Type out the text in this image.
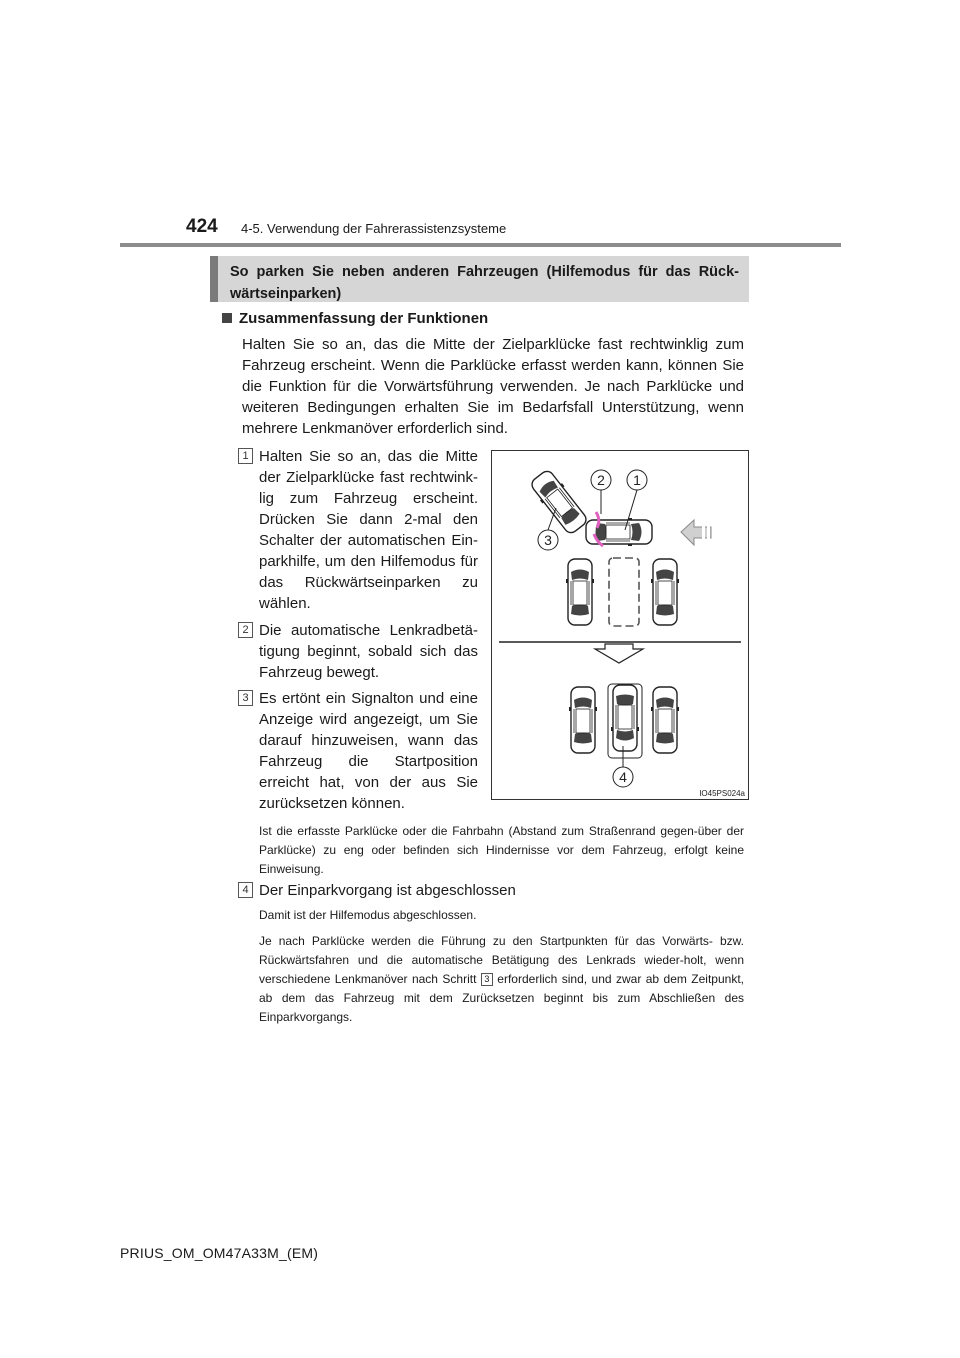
424 4-5. Verwendung der Fahrerassistenzsysteme
So parken Sie neben anderen Fahrzeugen (Hilfemodus für das Rück-wärtseinparken)
Zusammenfassung der Funktionen
Halten Sie so an, das die Mitte der Zielparklücke fast rechtwinklig zum Fahrzeug erscheint. Wenn die Parklücke erfasst werden kann, können Sie die Funktion für die Vorwärtsführung verwenden. Je nach Parklücke und weiteren Bedingungen erhalten Sie im Bedarfsfall Unterstützung, wenn mehrere Lenkmanöver erforderlich sind.
1 Halten Sie so an, das die Mitte der Zielparklücke fast rechtwink-lig zum Fahrzeug erscheint. Drücken Sie dann 2-mal den Schalter der automatischen Ein-parkhilfe, um den Hilfemodus für das Rückwärtseinparken zu wählen.
2 Die automatische Lenkradbetä-tigung beginnt, sobald sich das Fahrzeug bewegt.
3 Es ertönt ein Signalton und eine Anzeige wird angezeigt, um Sie darauf hinzuweisen, wann das Fahrzeug die Startposition erreicht hat, von der aus Sie zurücksetzen können.
Ist die erfasste Parklücke oder die Fahrbahn (Abstand zum Straßenrand gegen-über der Parklücke) zu eng oder befinden sich Hindernisse vor dem Fahrzeug, erfolgt keine Einweisung.
4 Der Einparkvorgang ist abgeschlossen
Damit ist der Hilfemodus abgeschlossen.
Je nach Parklücke werden die Führung zu den Startpunkten für das Vorwärts- bzw. Rückwärtsfahren und die automatische Betätigung des Lenkrads wieder-holt, wenn verschiedene Lenkmanöver nach Schritt 3 erforderlich sind, und zwar ab dem Zeitpunkt, ab dem das Fahrzeug mit dem Zurücksetzen beginnt bis zum Abschließen des Einparkvorgangs.
2 1
3
4
IO45PS024a
PRIUS_OM_OM47A33M_(EM)
